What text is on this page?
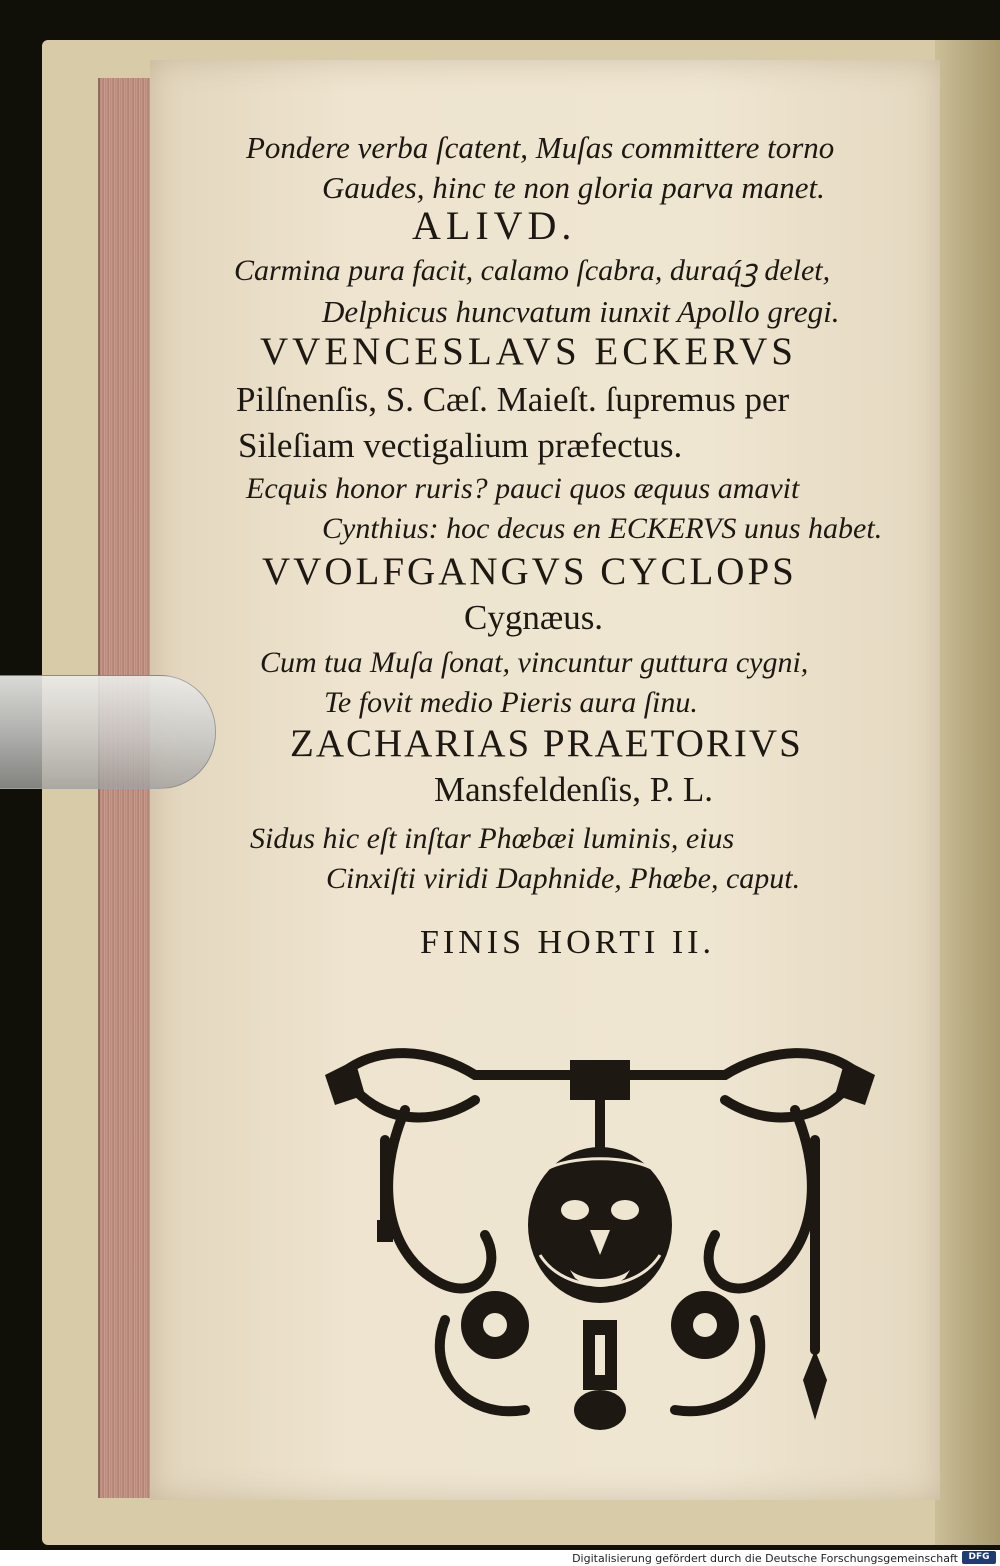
Pondere verba ſcatent, Muſas committere torno
Gaudes, hinc te non gloria parva manet.
ALIVD.
Carmina pura facit, calamo ſcabra, duraq́ꝫ delet,
Delphicus huncvatum iunxit Apollo gregi.
VVENCESLAVS ECKERVS
Pilſnenſis, S. Cæſ. Maieſt. ſupremus per
Sileſiam vectigalium præfectus.
Ecquis honor ruris? pauci quos æquus amavit
Cynthius: hoc decus en ECKERVS unus habet.
VVOLFGANGVS CYCLOPS
Cygnæus.
Cum tua Muſa ſonat, vincuntur guttura cygni,
Te fovit medio Pieris aura ſinu.
ZACHARIAS PRAETORIVS
Mansfeldenſis, P. L.
Sidus hic eſt inſtar Phœbæi luminis, eius
Cinxiſti viridi Daphnide, Phœbe, caput.
FINIS HORTI II.
Digitalisierung gefördert durch die Deutsche Forschungsgemeinschaft	DFG
